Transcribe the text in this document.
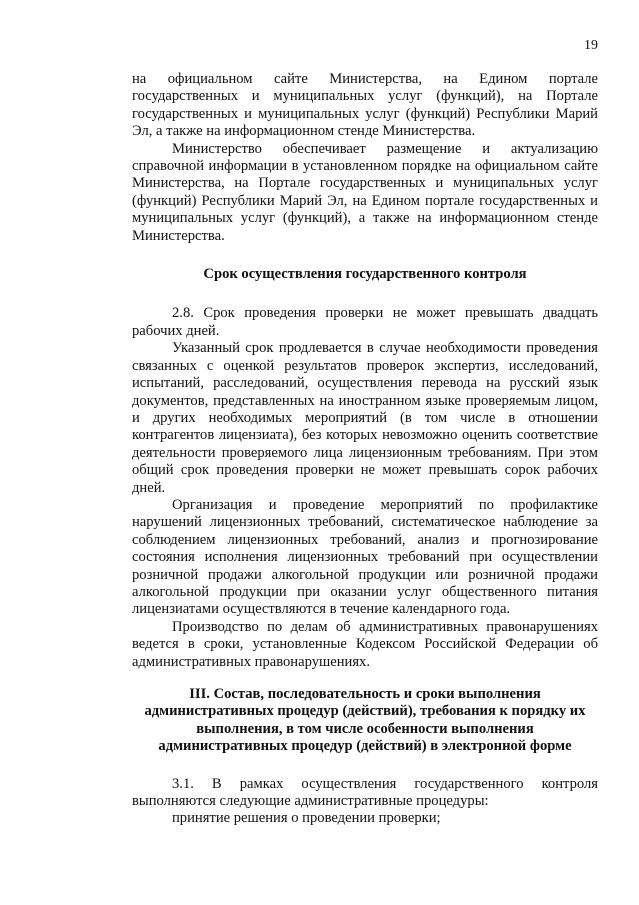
19

на официальном сайте Министерства, на Едином портале государственных и муниципальных услуг (функций), на Портале государственных и муниципальных услуг (функций) Республики Марий Эл, а также на информационном стенде Министерства.

Министерство обеспечивает размещение и актуализацию справочной информации в установленном порядке на официальном сайте Министерства, на Портале государственных и муниципальных услуг (функций) Республики Марий Эл, на Едином портале государственных и муниципальных услуг (функций), а также на информационном стенде Министерства.

Срок осуществления государственного контроля

2.8. Срок проведения проверки не может превышать двадцать рабочих дней.

Указанный срок продлевается в случае необходимости проведения связанных с оценкой результатов проверок экспертиз, исследований, испытаний, расследований, осуществления перевода на русский язык документов, представленных на иностранном языке проверяемым лицом, и других необходимых мероприятий (в том числе в отношении контрагентов лицензиата), без которых невозможно оценить соответствие деятельности проверяемого лица лицензионным требованиям. При этом общий срок проведения проверки не может превышать сорок рабочих дней.

Организация и проведение мероприятий по профилактике нарушений лицензионных требований, систематическое наблюдение за соблюдением лицензионных требований, анализ и прогнозирование состояния исполнения лицензионных требований при осуществлении розничной продажи алкогольной продукции или розничной продажи алкогольной продукции при оказании услуг общественного питания лицензиатами осуществляются в течение календарного года.

Производство по делам об административных правонарушениях ведется в сроки, установленные Кодексом Российской Федерации об административных правонарушениях.

III. Состав, последовательность и сроки выполнения административных процедур (действий), требования к порядку их выполнения, в том числе особенности выполнения административных процедур (действий) в электронной форме

3.1. В рамках осуществления государственного контроля выполняются следующие административные процедуры:

принятие решения о проведении проверки;
